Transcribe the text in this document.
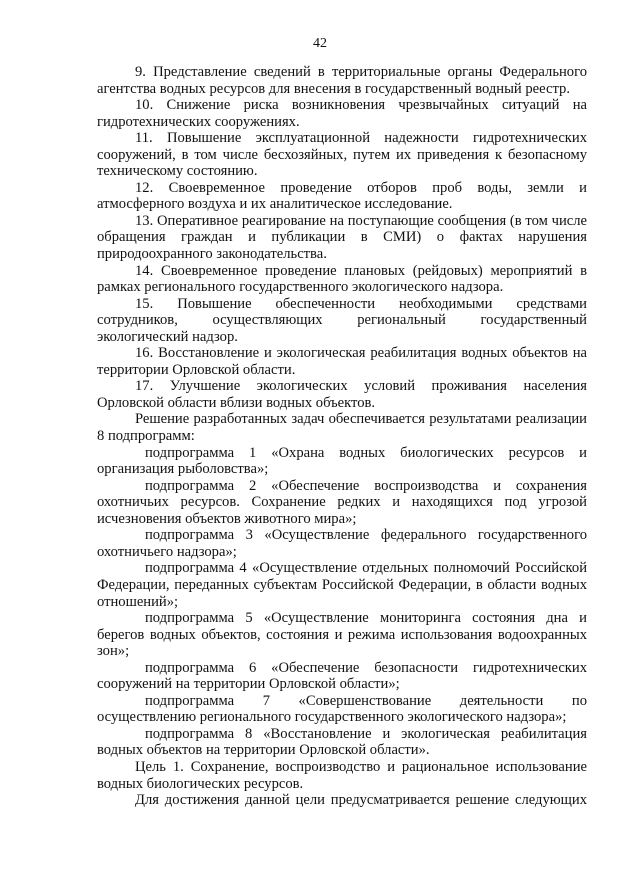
42

9. Представление сведений в территориальные органы Федерального агентства водных ресурсов для внесения в государственный водный реестр.

10. Снижение риска возникновения чрезвычайных ситуаций на гидротехнических сооружениях.

11. Повышение эксплуатационной надежности гидротехнических сооружений, в том числе бесхозяйных, путем их приведения к безопасному техническому состоянию.

12. Своевременное проведение отборов проб воды, земли и атмосферного воздуха и их аналитическое исследование.

13. Оперативное реагирование на поступающие сообщения (в том числе обращения граждан и публикации в СМИ) о фактах нарушения природоохранного законодательства.

14. Своевременное проведение плановых (рейдовых) мероприятий в рамках регионального государственного экологического надзора.

15. Повышение обеспеченности необходимыми средствами сотрудников, осуществляющих региональный государственный экологический надзор.

16. Восстановление и экологическая реабилитация водных объектов на территории Орловской области.

17. Улучшение экологических условий проживания населения Орловской области вблизи водных объектов.

Решение разработанных задач обеспечивается результатами реализации 8 подпрограмм:

подпрограмма 1 «Охрана водных биологических ресурсов и организация рыболовства»;

подпрограмма 2 «Обеспечение воспроизводства и сохранения охотничьих ресурсов. Сохранение редких и находящихся под угрозой исчезновения объектов животного мира»;

подпрограмма 3 «Осуществление федерального государственного охотничьего надзора»;

подпрограмма 4 «Осуществление отдельных полномочий Российской Федерации, переданных субъектам Российской Федерации, в области водных отношений»;

подпрограмма 5 «Осуществление мониторинга состояния дна и берегов водных объектов, состояния и режима использования водоохранных зон»;

подпрограмма 6 «Обеспечение безопасности гидротехнических сооружений на территории Орловской области»;

подпрограмма 7 «Совершенствование деятельности по осуществлению регионального государственного экологического надзора»;

подпрограмма 8 «Восстановление и экологическая реабилитация водных объектов на территории Орловской области».

Цель 1. Сохранение, воспроизводство и рациональное использование водных биологических ресурсов.

Для достижения данной цели предусматривается решение следующих
